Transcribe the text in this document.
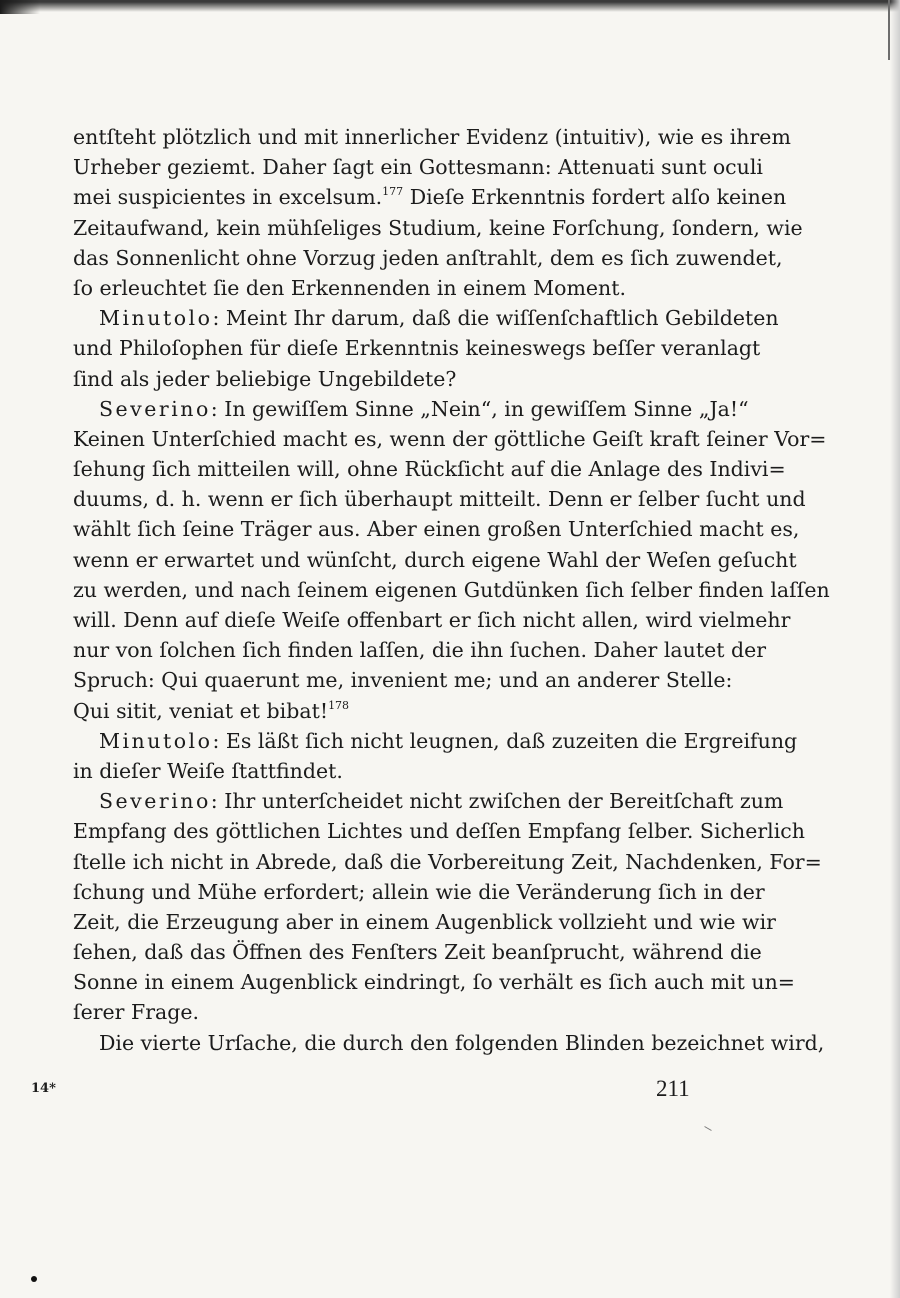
entſteht plötzlich und mit innerlicher Evidenz (intuitiv), wie es ihrem
Urheber geziemt. Daher ſagt ein Gottesmann: Attenuati sunt oculi
mei suspicientes in excelsum.$^{177}$ Dieſe Erkenntnis fordert alſo keinen
Zeitaufwand, kein mühſeliges Studium, keine Forſchung, ſondern, wie
das Sonnenlicht ohne Vorzug jeden anſtrahlt, dem es ſich zuwendet,
ſo erleuchtet ſie den Erkennenden in einem Moment.
Minutolo: Meint Ihr darum, daß die wiſſenſchaftlich Gebildeten
und Philoſophen für dieſe Erkenntnis keineswegs beſſer veranlagt
ſind als jeder beliebige Ungebildete?
Severino: In gewiſſem Sinne „Nein“, in gewiſſem Sinne „Ja!“
Keinen Unterſchied macht es, wenn der göttliche Geiſt kraft ſeiner Vor=
ſehung ſich mitteilen will, ohne Rückſicht auf die Anlage des Indivi=
duums, d. h. wenn er ſich überhaupt mitteilt. Denn er ſelber ſucht und
wählt ſich ſeine Träger aus. Aber einen großen Unterſchied macht es,
wenn er erwartet und wünſcht, durch eigene Wahl der Weſen geſucht
zu werden, und nach ſeinem eigenen Gutdünken ſich ſelber finden laſſen
will. Denn auf dieſe Weiſe offenbart er ſich nicht allen, wird vielmehr
nur von ſolchen ſich finden laſſen, die ihn ſuchen. Daher lautet der
Spruch: Qui quaerunt me, invenient me; und an anderer Stelle:
Qui sitit, veniat et bibat!$^{178}$
Minutolo: Es läßt ſich nicht leugnen, daß zuzeiten die Ergreifung
in dieſer Weiſe ſtattfindet.
Severino: Ihr unterſcheidet nicht zwiſchen der Bereitſchaft zum
Empfang des göttlichen Lichtes und deſſen Empfang ſelber. Sicherlich
ſtelle ich nicht in Abrede, daß die Vorbereitung Zeit, Nachdenken, For=
ſchung und Mühe erfordert; allein wie die Veränderung ſich in der
Zeit, die Erzeugung aber in einem Augenblick vollzieht und wie wir
ſehen, daß das Öffnen des Fenſters Zeit beanſprucht, während die
Sonne in einem Augenblick eindringt, ſo verhält es ſich auch mit un=
ſerer Frage.
Die vierte Urſache, die durch den folgenden Blinden bezeichnet wird,
14*	211
